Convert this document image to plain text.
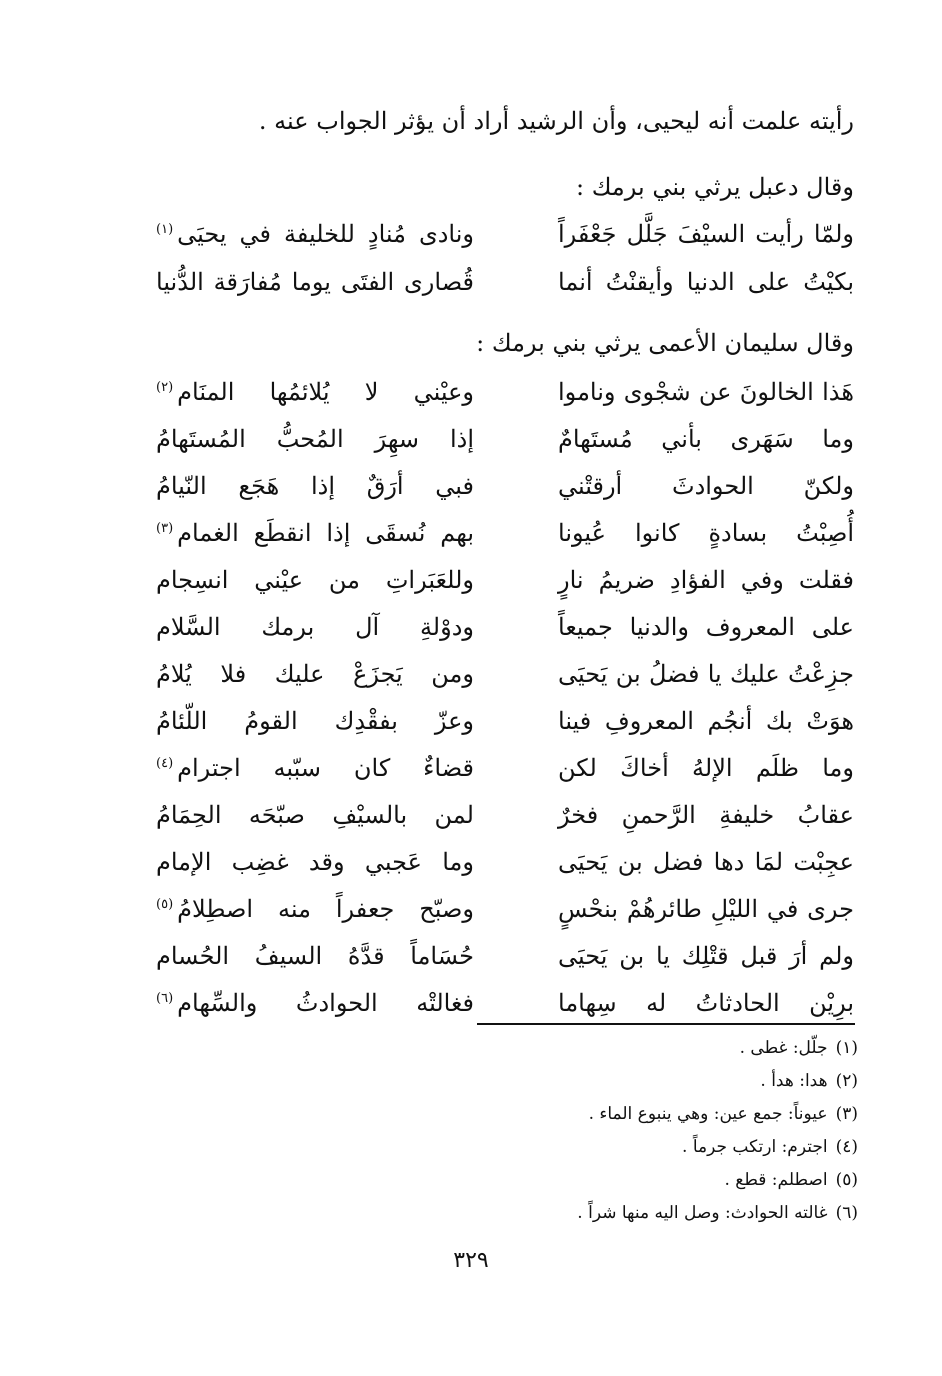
رأيته علمت أنه ليحيى، وأن الرشيد أراد أن يؤثر الجواب عنه .
وقال دعبل يرثي بني برمك :
ولمّا رأيت السيْفَ جَلَّل جَعْفَراً
ونادى مُنادٍ للخليفة في يحيَى$^{(١)}$
بكيْتُ على الدنيا وأيقنْتُ أنما
قُصارى الفتَى يوما مُفارَقة الدُّنيا
وقال سليمان الأعمى يرثي بني برمك :
هَذا الخالونَ عن شجْوى وناموا
وعيْني لا يُلائمُها المنَام$^{(٢)}$
وما سَهَرى بأني مُستَهامٌ
إذا سهِرَ المُحبُّ المُستَهامُ
ولكنّ الحوادثَ أرقتْني
فبي أرَقٌ إذا هَجَع النّيامُ
أُصِبْتُ بسادةٍ كانوا عُيونا
بهم نُسقَى إذا انقطَع الغمام$^{(٣)}$
فقلت وفي الفؤادِ ضريمُ نارٍ
وللعَبَراتِ من عيْني انسِجام
على المعروف والدنيا جميعاً
ودوْلةِ آل برمك السَّلام
جزِعْتُ عليك يا فضلُ بن يَحيَى
ومن يَجزَعْ عليك فلا يُلامُ
هوَتْ بك أنجُم المعروفِ فينا
وعزّ بفقْدِك القومُ اللّئامُ
وما ظلَم الإلهُ أخاكَ لكن
قضاءٌ كان سبّبه اجترام$^{(٤)}$
عقابُ خليفةِ الرَّحمنِ فخرٌ
لمن بالسيْفِ صبّحَه الحِمَامُ
عجِبْت لمَا دها فضل بن يَحيَى
وما عَجبي وقد غضِب الإمام
جرى في الليْلِ طائرهُمْ بنحْسٍ
وصبّح جعفراً منه اصطِلامُ$^{(٥)}$
ولم أرَ قبل قتْلِك يا بن يَحيَى
حُسَاماً قدَّهُ السيفُ الحُسام
برِيْن الحادثاتُ له سِهاما
فغالتْه الحوادثُ والسِّهام$^{(٦)}$
(١)جلّل: غطى .
(٢)هدا: هدأ .
(٣)عيوناً: جمع عين: وهي ينبوع الماء .
(٤)اجترم: ارتكب جرماً .
(٥)اصطلم: قطع .
(٦)غالته الحوادث: وصل اليه منها شراً .
٣٢٩
